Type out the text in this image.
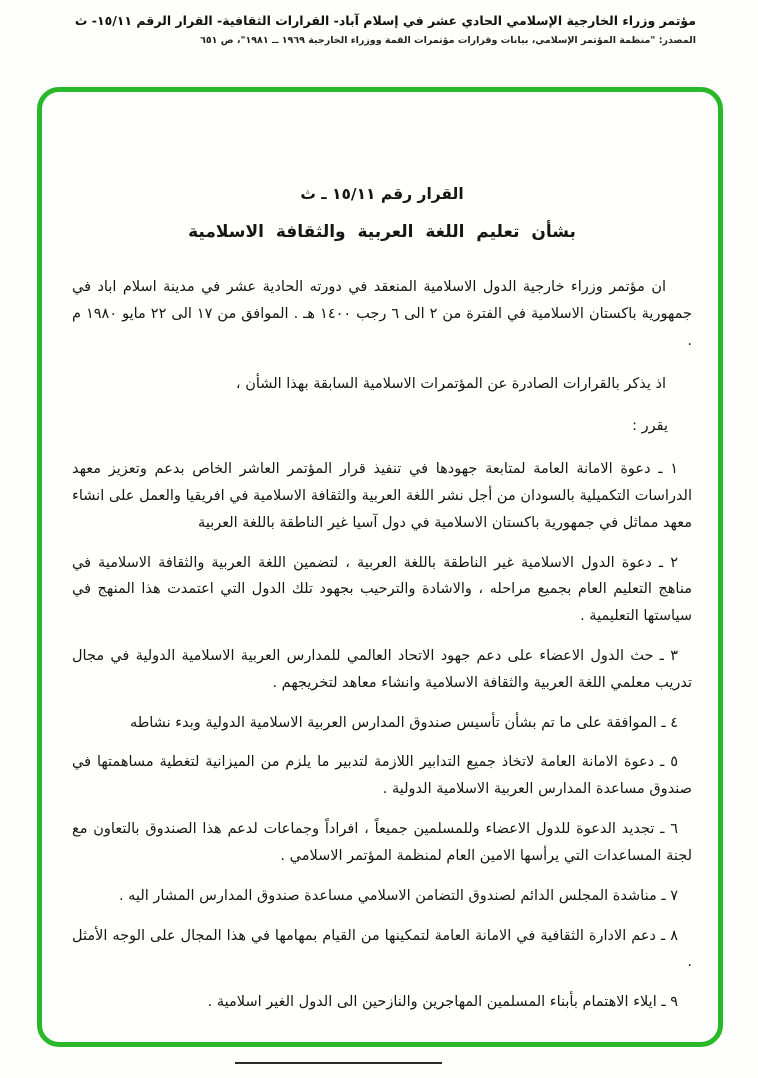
مؤتمر وزراء الخارجية الإسلامي الحادي عشر في إسلام آباد- القرارات الثقافية- القرار الرقم ١٥/١١- ث
المصدر: "منظمة المؤتمر الإسلامي، بيانات وقرارات مؤتمرات القمة ووزراء الخارجية ١٩٦٩ ــ ١٩٨١"، ص ٦٥١
القرار رقم ١٥/١١ ـ ث
بشأن تعليم اللغة العربية والثقافة الاسلامية

ان مؤتمر وزراء خارجية الدول الاسلامية المنعقد في دورته الحادية عشر في مدينة اسلام اباد في جمهورية باكستان الاسلامية في الفترة من ٢ الى ٦ رجب ١٤٠٠ هـ . الموافق من ١٧ الى ٢٢ مايو ١٩٨٠ م .

اذ يذكر بالقرارات الصادرة عن المؤتمرات الاسلامية السابقة بهذا الشأن ،

يقرر :

١ ـ دعوة الامانة العامة لمتابعة جهودها في تنفيذ قرار المؤتمر العاشر الخاص بدعم وتعزيز معهد الدراسات التكميلية بالسودان من أجل نشر اللغة العربية والثقافة الاسلامية في افريقيا والعمل على انشاء معهد مماثل في جمهورية باكستان الاسلامية في دول آسيا غير الناطقة باللغة العربية

٢ ـ دعوة الدول الاسلامية غير الناطقة باللغة العربية ، لتضمين اللغة العربية والثقافة الاسلامية في مناهج التعليم العام بجميع مراحله ، والاشادة والترحيب بجهود تلك الدول التي اعتمدت هذا المنهج في سياستها التعليمية .

٣ ـ حث الدول الاعضاء على دعم جهود الاتحاد العالمي للمدارس العربية الاسلامية الدولية في مجال تدريب معلمي اللغة العربية والثقافة الاسلامية وانشاء معاهد لتخريجهم .

٤ ـ الموافقة على ما تم بشأن تأسيس صندوق المدارس العربية الاسلامية الدولية وبدء نشاطه

٥ ـ دعوة الامانة العامة لاتخاذ جميع التدابير اللازمة لتدبير ما يلزم من الميزانية لتغطية مساهمتها في صندوق مساعدة المدارس العربية الاسلامية الدولية .

٦ ـ تجديد الدعوة للدول الاعضاء وللمسلمين جميعاً ، افراداً وجماعات لدعم هذا الصندوق بالتعاون مع لجنة المساعدات التي يرأسها الامين العام لمنظمة المؤتمر الاسلامي .

٧ ـ مناشدة المجلس الدائم لصندوق التضامن الاسلامي مساعدة صندوق المدارس المشار اليه .

٨ ـ دعم الادارة الثقافية في الامانة العامة لتمكينها من القيام بمهامها في هذا المجال على الوجه الأمثل .

٩ ـ ايلاء الاهتمام بأبناء المسلمين المهاجرين والنازحين الى الدول الغير اسلامية .
